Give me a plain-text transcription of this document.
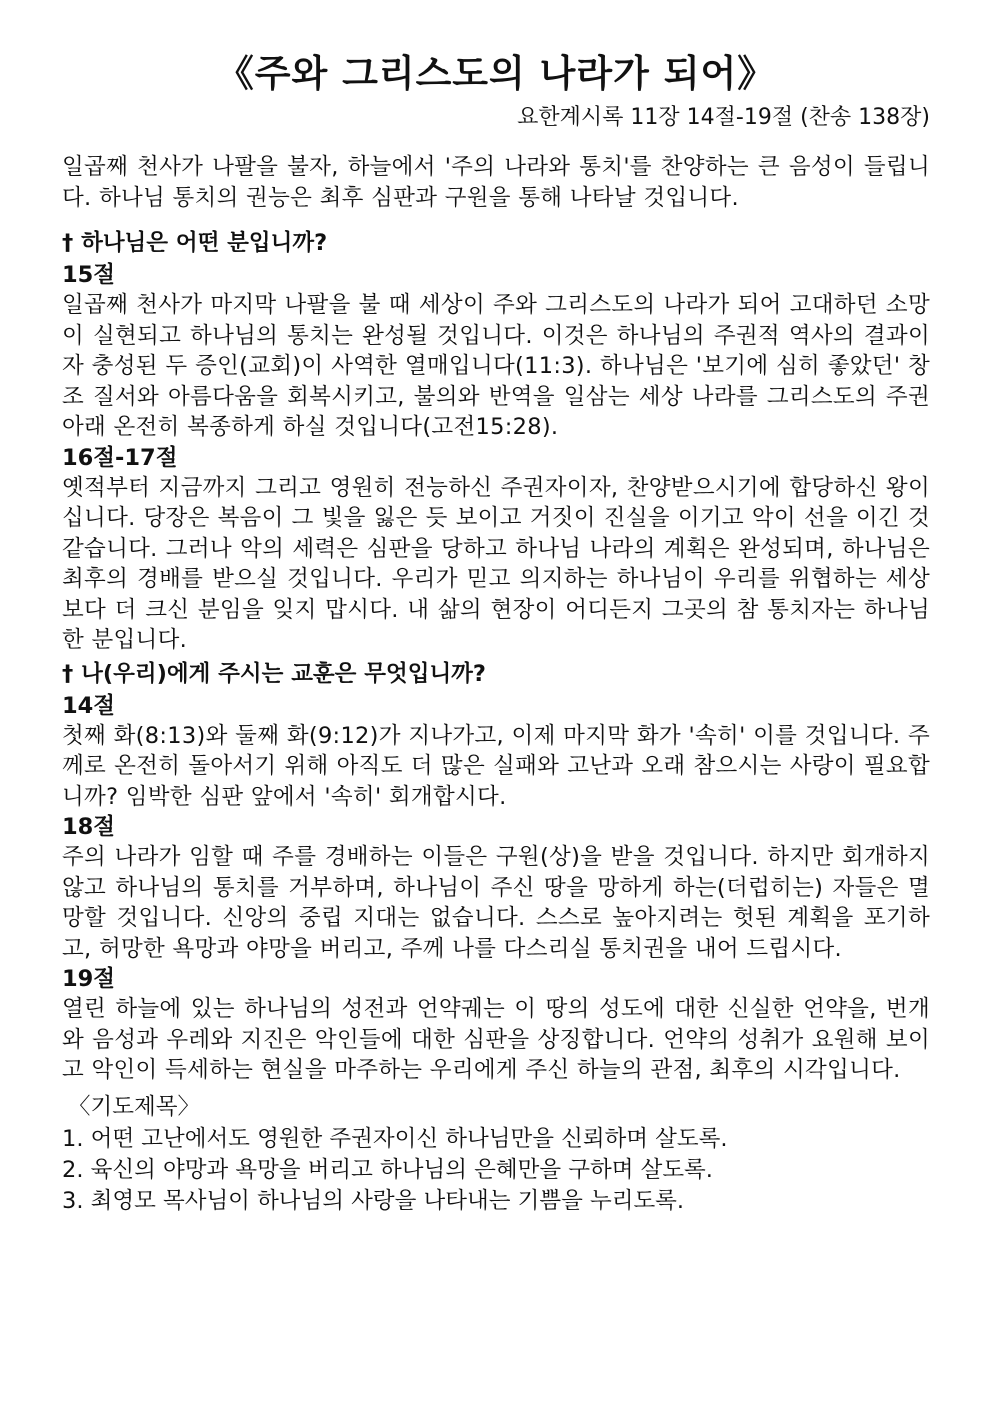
《주와 그리스도의 나라가 되어》

요한계시록 11장 14절-19절 (찬송 138장)

일곱째 천사가 나팔을 불자, 하늘에서 '주의 나라와 통치'를 찬양하는 큰 음성이 들립니다. 하나님 통치의 권능은 최후 심판과 구원을 통해 나타날 것입니다.

† 하나님은 어떤 분입니까?

15절

일곱째 천사가 마지막 나팔을 불 때 세상이 주와 그리스도의 나라가 되어 고대하던 소망이 실현되고 하나님의 통치는 완성될 것입니다. 이것은 하나님의 주권적 역사의 결과이자 충성된 두 증인(교회)이 사역한 열매입니다(11:3). 하나님은 '보기에 심히 좋았던' 창조 질서와 아름다움을 회복시키고, 불의와 반역을 일삼는 세상 나라를 그리스도의 주권 아래 온전히 복종하게 하실 것입니다(고전15:28).

16절-17절

옛적부터 지금까지 그리고 영원히 전능하신 주권자이자, 찬양받으시기에 합당하신 왕이십니다. 당장은 복음이 그 빛을 잃은 듯 보이고 거짓이 진실을 이기고 악이 선을 이긴 것 같습니다. 그러나 악의 세력은 심판을 당하고 하나님 나라의 계획은 완성되며, 하나님은 최후의 경배를 받으실 것입니다. 우리가 믿고 의지하는 하나님이 우리를 위협하는 세상보다 더 크신 분임을 잊지 맙시다. 내 삶의 현장이 어디든지 그곳의 참 통치자는 하나님 한 분입니다.

† 나(우리)에게 주시는 교훈은 무엇입니까?

14절

첫째 화(8:13)와 둘째 화(9:12)가 지나가고, 이제 마지막 화가 '속히' 이를 것입니다. 주께로 온전히 돌아서기 위해 아직도 더 많은 실패와 고난과 오래 참으시는 사랑이 필요합니까? 임박한 심판 앞에서 '속히' 회개합시다.

18절

주의 나라가 임할 때 주를 경배하는 이들은 구원(상)을 받을 것입니다. 하지만 회개하지 않고 하나님의 통치를 거부하며, 하나님이 주신 땅을 망하게 하는(더럽히는) 자들은 멸망할 것입니다. 신앙의 중립 지대는 없습니다. 스스로 높아지려는 헛된 계획을 포기하고, 허망한 욕망과 야망을 버리고, 주께 나를 다스리실 통치권을 내어 드립시다.

19절

열린 하늘에 있는 하나님의 성전과 언약궤는 이 땅의 성도에 대한 신실한 언약을, 번개와 음성과 우레와 지진은 악인들에 대한 심판을 상징합니다. 언약의 성취가 요원해 보이고 악인이 득세하는 현실을 마주하는 우리에게 주신 하늘의 관점, 최후의 시각입니다.

〈기도제목〉

1. 어떤 고난에서도 영원한 주권자이신 하나님만을 신뢰하며 살도록.
2. 육신의 야망과 욕망을 버리고 하나님의 은혜만을 구하며 살도록.
3. 최영모 목사님이 하나님의 사랑을 나타내는 기쁨을 누리도록.
